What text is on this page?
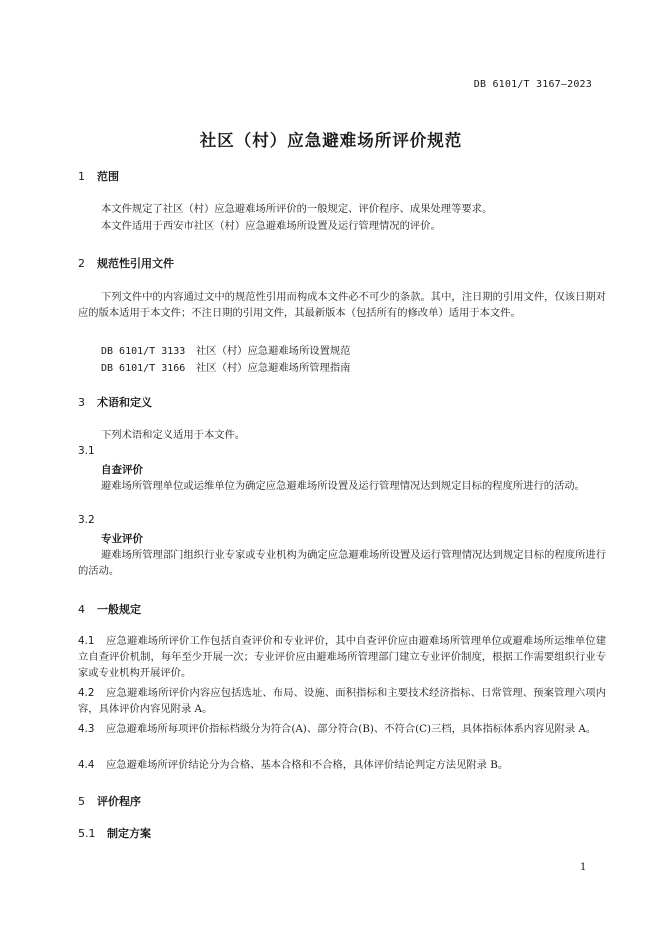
DB 6101/T 3167—2023
社区（村）应急避难场所评价规范
1 范围
本文件规定了社区（村）应急避难场所评价的一般规定、评价程序、成果处理等要求。
本文件适用于西安市社区（村）应急避难场所设置及运行管理情况的评价。
2 规范性引用文件
下列文件中的内容通过文中的规范性引用而构成本文件必不可少的条款。其中，注日期的引用文件，仅该日期对应的版本适用于本文件；不注日期的引用文件，其最新版本（包括所有的修改单）适用于本文件。
DB 6101/T 3133 社区（村）应急避难场所设置规范
DB 6101/T 3166 社区（村）应急避难场所管理指南
3 术语和定义
下列术语和定义适用于本文件。
3.1
自查评价
避难场所管理单位或运维单位为确定应急避难场所设置及运行管理情况达到规定目标的程度所进行的活动。
3.2
专业评价
避难场所管理部门组织行业专家或专业机构为确定应急避难场所设置及运行管理情况达到规定目标的程度所进行的活动。
4 一般规定
4.1 应急避难场所评价工作包括自查评价和专业评价，其中自查评价应由避难场所管理单位或避难场所运维单位建立自查评价机制，每年至少开展一次；专业评价应由避难场所管理部门建立专业评价制度，根据工作需要组织行业专家或专业机构开展评价。
4.2 应急避难场所评价内容应包括选址、布局、设施、面积指标和主要技术经济指标、日常管理、预案管理六项内容，具体评价内容见附录 A。
4.3 应急避难场所每项评价指标档级分为符合(A)、部分符合(B)、不符合(C)三档，具体指标体系内容见附录 A。
4.4 应急避难场所评价结论分为合格、基本合格和不合格，具体评价结论判定方法见附录 B。
5 评价程序
5.1 制定方案
1
